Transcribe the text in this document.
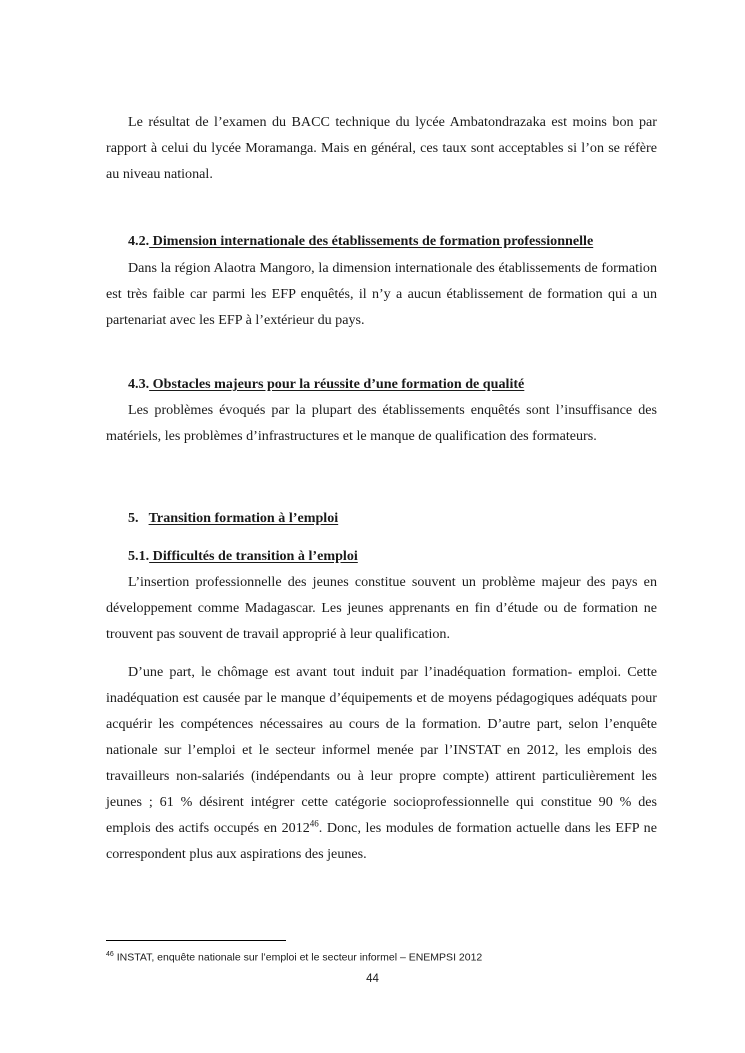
Le résultat de l’examen du BACC technique du lycée Ambatondrazaka est moins bon par rapport à celui du lycée Moramanga. Mais en général, ces taux sont acceptables si l’on se réfère au niveau national.

4.2. Dimension internationale des établissements de formation professionnelle

Dans la région Alaotra Mangoro, la dimension internationale des établissements de formation est très faible car parmi les EFP enquêtés, il n’y a aucun établissement de formation qui a un partenariat avec les EFP à l’extérieur du pays.

4.3. Obstacles majeurs pour la réussite d’une formation de qualité

Les problèmes évoqués par la plupart des établissements enquêtés sont l’insuffisance des matériels, les problèmes d’infrastructures et le manque de qualification des formateurs.

5. Transition formation à l’emploi
5.1. Difficultés de transition à l’emploi

L’insertion professionnelle des jeunes constitue souvent un problème majeur des pays en développement comme Madagascar. Les jeunes apprenants en fin d’étude ou de formation ne trouvent pas souvent de travail approprié à leur qualification.

D’une part, le chômage est avant tout induit par l’inadéquation formation- emploi. Cette inadéquation est causée par le manque d’équipements et de moyens pédagogiques adéquats pour acquérir les compétences nécessaires au cours de la formation. D’autre part, selon l’enquête nationale sur l’emploi et le secteur informel menée par l’INSTAT en 2012, les emplois des travailleurs non-salariés (indépendants ou à leur propre compte) attirent particulièrement les jeunes ; 61 % désirent intégrer cette catégorie socioprofessionnelle qui constitue 90 % des emplois des actifs occupés en 2012$^{46}$. Donc, les modules de formation actuelle dans les EFP ne correspondent plus aux aspirations des jeunes.

$^{46}$ INSTAT, enquête nationale sur l’emploi et le secteur informel – ENEMPSI 2012

44
